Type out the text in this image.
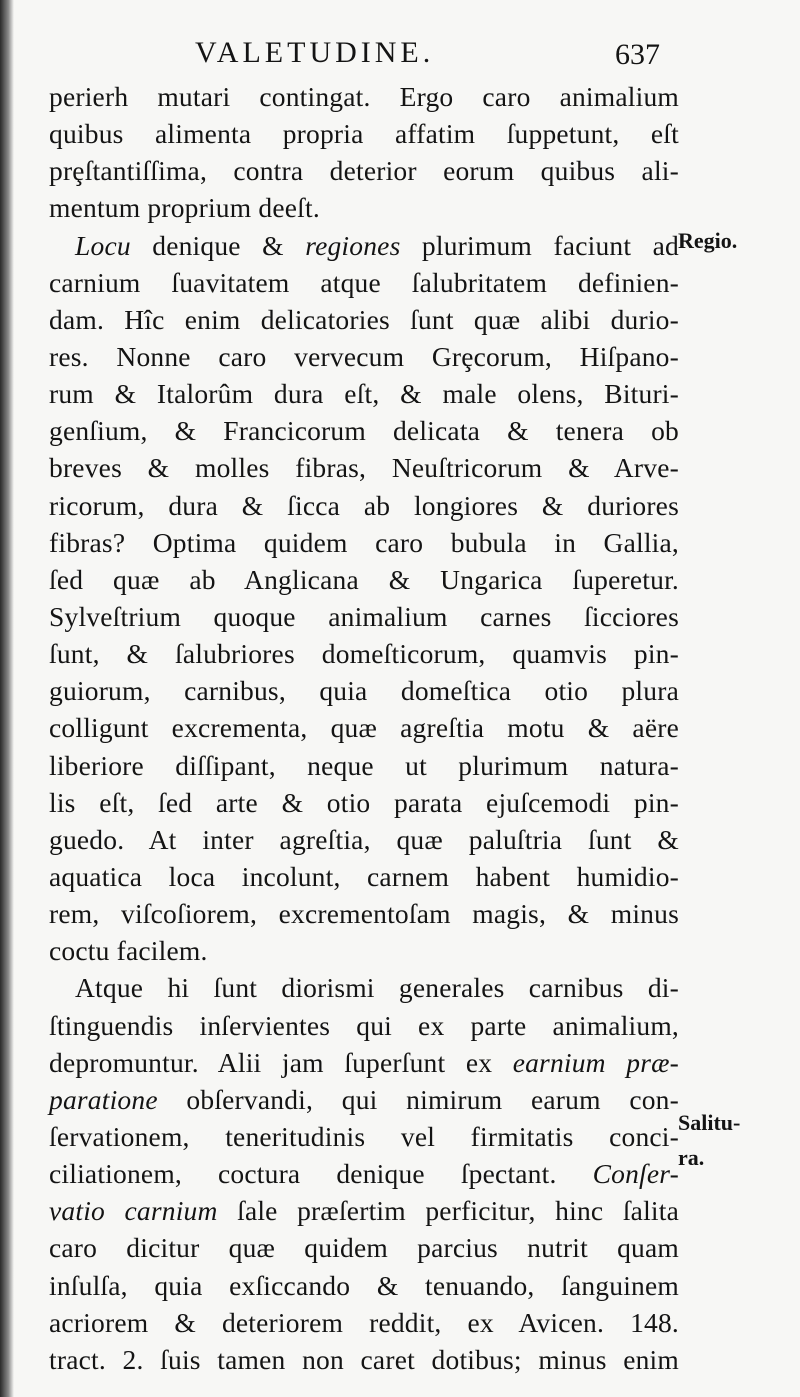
VALETUDINE.	637
perierh mutari contingat. Ergo caro animalium
quibus alimenta propria affatim ſuppetunt, eſt
prȩſtantiſſima, contra deterior eorum quibus ali-
mentum proprium deeſt.
Locu denique & regiones plurimum faciunt ad
carnium ſuavitatem atque ſalubritatem definien-
dam. Hîc enim delicatories ſunt quæ alibi durio-
res. Nonne caro vervecum Grȩcorum, Hiſpano-
rum & Italorûm dura eſt, & male olens, Bituri-
genſium, & Francicorum delicata & tenera ob
breves & molles fibras, Neuſtricorum & Arve-
ricorum, dura & ſicca ab longiores & duriores
fibras? Optima quidem caro bubula in Gallia,
ſed quæ ab Anglicana & Ungarica ſuperetur.
Sylveſtrium quoque animalium carnes ſicciores
ſunt, & ſalubriores domeſticorum, quamvis pin-
guiorum, carnibus, quia domeſtica otio plura
colligunt excrementa, quæ agreſtia motu & aëre
liberiore diſſipant, neque ut plurimum natura-
lis eſt, ſed arte & otio parata ejuſcemodi pin-
guedo. At inter agreſtia, quæ paluſtria ſunt &
aquatica loca incolunt, carnem habent humidio-
rem, viſcoſiorem, excrementoſam magis, & minus
coctu facilem.
Atque hi ſunt diorismi generales carnibus di-
ſtinguendis inſervientes qui ex parte animalium,
depromuntur. Alii jam ſuperſunt ex earnium præ-
paratione obſervandi, qui nimirum earum con-
ſervationem, teneritudinis vel firmitatis conci-
ciliationem, coctura denique ſpectant. Conſer-
vatio carnium ſale præſertim perficitur, hinc ſalita
caro dicitur quæ quidem parcius nutrit quam
inſulſa, quia exſiccando & tenuando, ſanguinem
acriorem & deteriorem reddit, ex Avicen. 148.
tract. 2. ſuis tamen non caret dotibus; minus enim
Regio.
Salitu-
ra.
